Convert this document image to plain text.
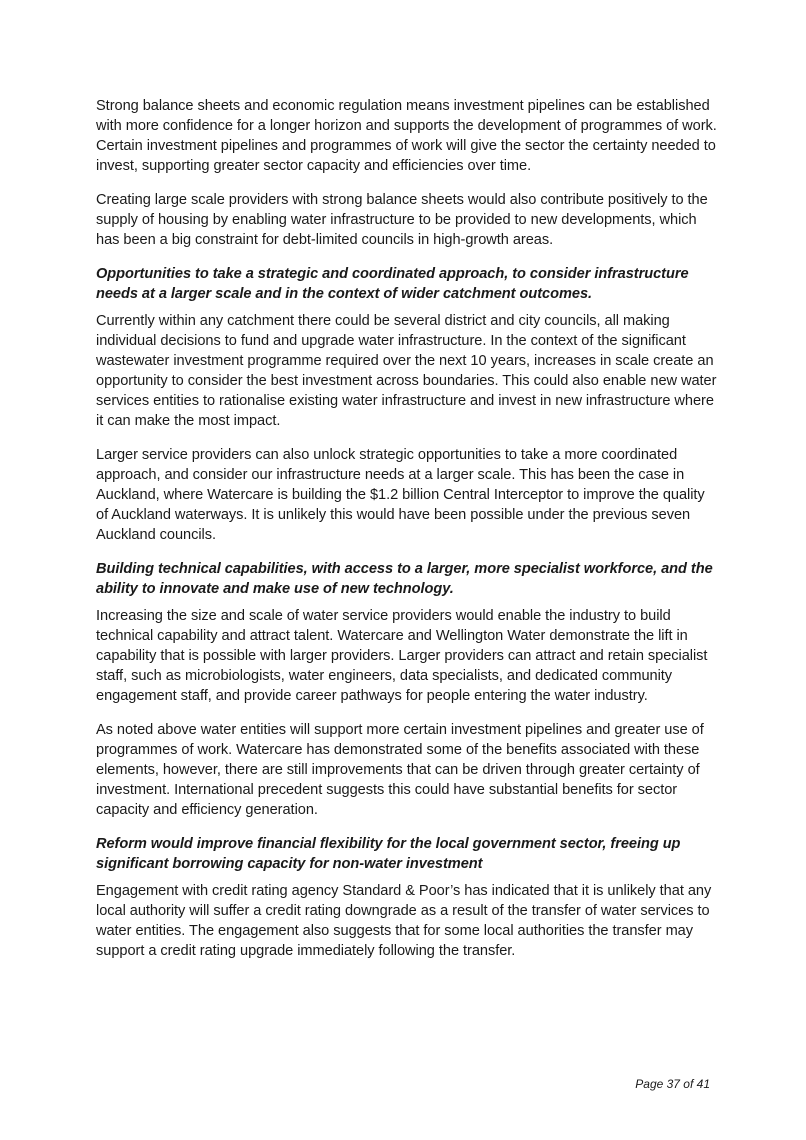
Strong balance sheets and economic regulation means investment pipelines can be established with more confidence for a longer horizon and supports the development of programmes of work. Certain investment pipelines and programmes of work will give the sector the certainty needed to invest, supporting greater sector capacity and efficiencies over time.

Creating large scale providers with strong balance sheets would also contribute positively to the supply of housing by enabling water infrastructure to be provided to new developments, which has been a big constraint for debt-limited councils in high-growth areas.

Opportunities to take a strategic and coordinated approach, to consider infrastructure needs at a larger scale and in the context of wider catchment outcomes.

Currently within any catchment there could be several district and city councils, all making individual decisions to fund and upgrade water infrastructure. In the context of the significant wastewater investment programme required over the next 10 years, increases in scale create an opportunity to consider the best investment across boundaries. This could also enable new water services entities to rationalise existing water infrastructure and invest in new infrastructure where it can make the most impact.

Larger service providers can also unlock strategic opportunities to take a more coordinated approach, and consider our infrastructure needs at a larger scale. This has been the case in Auckland, where Watercare is building the $1.2 billion Central Interceptor to improve the quality of Auckland waterways. It is unlikely this would have been possible under the previous seven Auckland councils.

Building technical capabilities, with access to a larger, more specialist workforce, and the ability to innovate and make use of new technology.

Increasing the size and scale of water service providers would enable the industry to build technical capability and attract talent. Watercare and Wellington Water demonstrate the lift in capability that is possible with larger providers. Larger providers can attract and retain specialist staff, such as microbiologists, water engineers, data specialists, and dedicated community engagement staff, and provide career pathways for people entering the water industry.

As noted above water entities will support more certain investment pipelines and greater use of programmes of work. Watercare has demonstrated some of the benefits associated with these elements, however, there are still improvements that can be driven through greater certainty of investment. International precedent suggests this could have substantial benefits for sector capacity and efficiency generation.

Reform would improve financial flexibility for the local government sector, freeing up significant borrowing capacity for non-water investment

Engagement with credit rating agency Standard & Poor’s has indicated that it is unlikely that any local authority will suffer a credit rating downgrade as a result of the transfer of water services to water entities. The engagement also suggests that for some local authorities the transfer may support a credit rating upgrade immediately following the transfer.

Page 37 of 41
